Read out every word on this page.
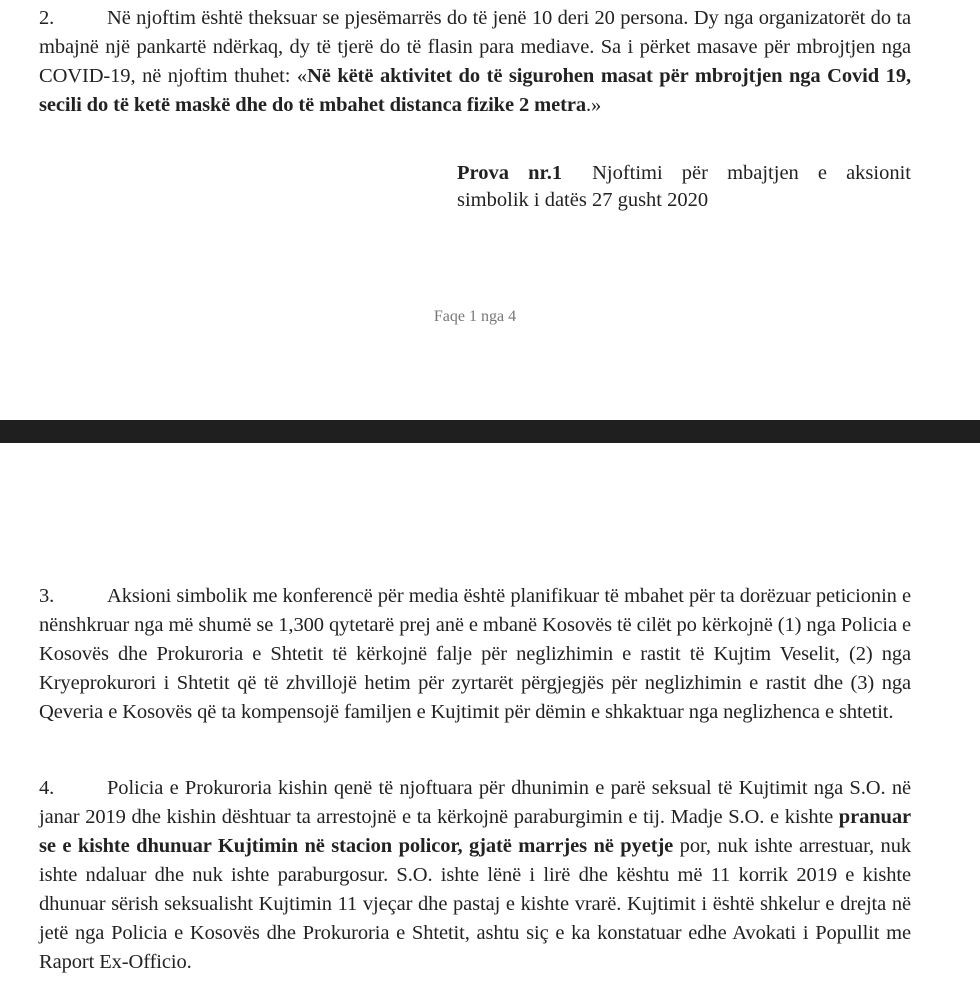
2.	Në njoftim është theksuar se pjesëmarrës do të jenë 10 deri 20 persona. Dy nga organizatorët do ta mbajnë një pankartë ndërkaq, dy të tjerë do të flasin para mediave. Sa i përket masave për mbrojtjen nga COVID-19, në njoftim thuhet: «Në këtë aktivitet do të sigurohen masat për mbrojtjen nga Covid 19, secili do të ketë maskë dhe do të mbahet distanca fizike 2 metra.»
Prova nr.1 Njoftimi për mbajtjen e aksionit simbolik i datës 27 gusht 2020
Faqe 1 nga 4
3.	Aksioni simbolik me konferencë për media është planifikuar të mbahet për ta dorëzuar peticionin e nënshkruar nga më shumë se 1,300 qytetarë prej anë e mbanë Kosovës të cilët po kërkojnë (1) nga Policia e Kosovës dhe Prokuroria e Shtetit të kërkojnë falje për neglizhimin e rastit të Kujtim Veselit, (2) nga Kryeprokurori i Shtetit që të zhvillojë hetim për zyrtarët përgjegjës për neglizhimin e rastit dhe (3) nga Qeveria e Kosovës që ta kompensojë familjen e Kujtimit për dëmin e shkaktuar nga neglizhenca e shtetit.
4.	Policia e Prokuroria kishin qenë të njoftuara për dhunimin e parë seksual të Kujtimit nga S.O. në janar 2019 dhe kishin dështuar ta arrestojnë e ta kërkojnë paraburgimin e tij. Madje S.O. e kishte pranuar se e kishte dhunuar Kujtimin në stacion policor, gjatë marrjes në pyetje por, nuk ishte arrestuar, nuk ishte ndaluar dhe nuk ishte paraburgosur. S.O. ishte lënë i lirë dhe kështu më 11 korrik 2019 e kishte dhunuar sërish seksualisht Kujtimin 11 vjeçar dhe pastaj e kishte vrarë. Kujtimit i është shkelur e drejta në jetë nga Policia e Kosovës dhe Prokuroria e Shtetit, ashtu siç e ka konstatuar edhe Avokati i Popullit me Raport Ex-Officio.
